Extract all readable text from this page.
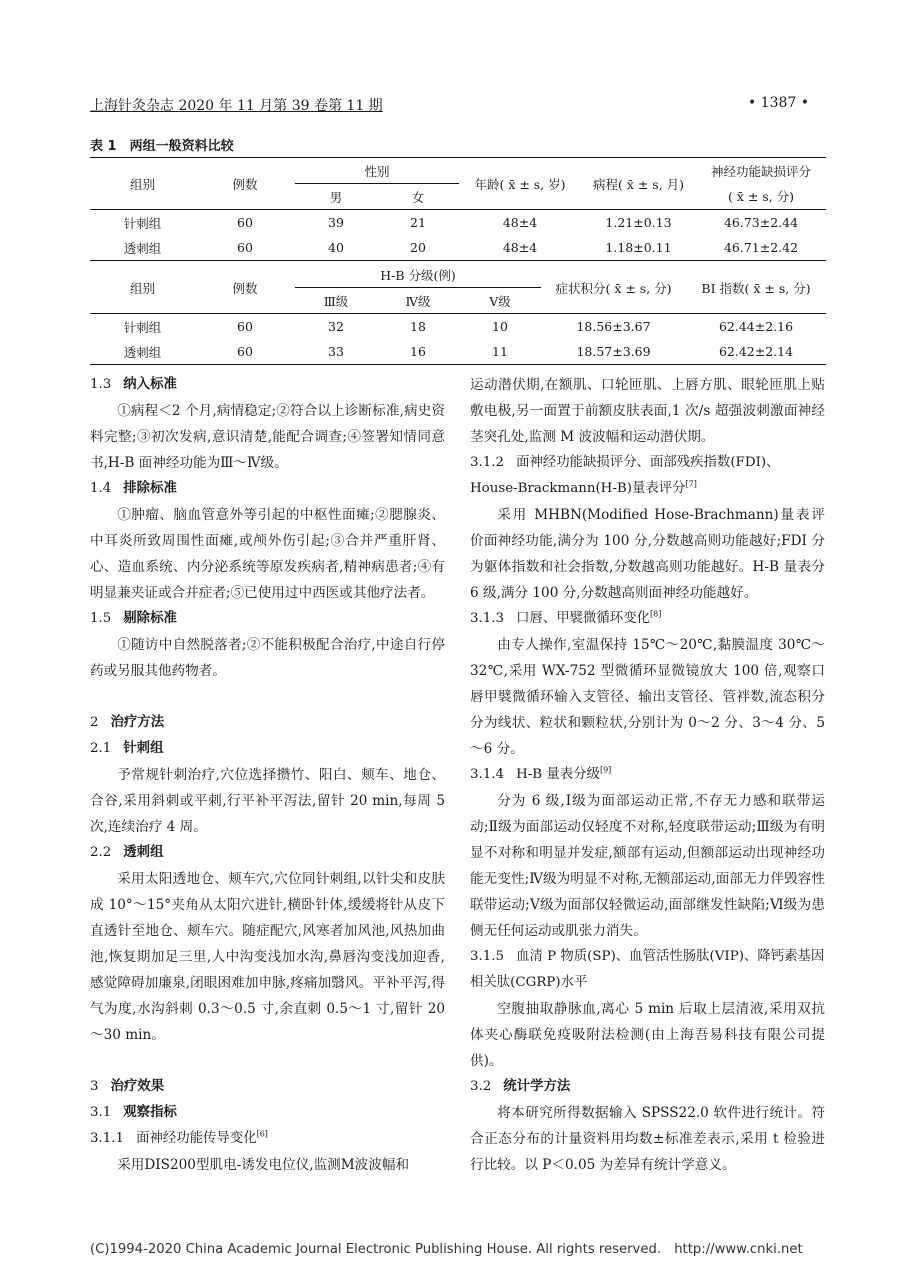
上海针灸杂志 2020 年 11 月第 39 卷第 11 期	• 1387 •
表 1　两组一般资料比较
组别	例数	性别		年龄( x̄ ± s, 岁)	病程( x̄ ± s, 月)	神经功能缺损评分
		男	女			( x̄ ± s, 分)
针刺组	60	39	21	48±4	1.21±0.13	46.73±2.44
透刺组	60	40	20	48±4	1.18±0.11	46.71±2.42
组别	例数	H-B 分级(例)			症状积分( x̄ ± s, 分)	BI 指数( x̄ ± s, 分)
		Ⅲ级	Ⅳ级	Ⅴ级		
针刺组	60	32	18	10	18.56±3.67	62.44±2.16
透刺组	60	33	16	11	18.57±3.69	62.42±2.14

1.3 纳入标准

①病程＜2 个月,病情稳定;②符合以上诊断标准,病史资料完整;③初次发病,意识清楚,能配合调查;④签署知情同意书,H-B 面神经功能为Ⅲ～Ⅳ级。

1.4 排除标准

①肿瘤、脑血管意外等引起的中枢性面瘫;②腮腺炎、中耳炎所致周围性面瘫,或颅外伤引起;③合并严重肝肾、心、造血系统、内分泌系统等原发疾病者,精神病患者;④有明显兼夹证或合并症者;⑤已使用过中西医或其他疗法者。

1.5 剔除标准

①随访中自然脱落者;②不能积极配合治疗,中途自行停药或另服其他药物者。

2 治疗方法

2.1 针刺组

予常规针刺治疗,穴位选择攒竹、阳白、颊车、地仓、合谷,采用斜刺或平刺,行平补平泻法,留针 20 min,每周 5 次,连续治疗 4 周。

2.2 透刺组

采用太阳透地仓、颊车穴,穴位同针刺组,以针尖和皮肤成 10°～15°夹角从太阳穴进针,横卧针体,缓缓将针从皮下直透针至地仓、颊车穴。随症配穴,风寒者加风池,风热加曲池,恢复期加足三里,人中沟变浅加水沟,鼻唇沟变浅加迎香,感觉障碍加廉泉,闭眼困难加申脉,疼痛加翳风。平补平泻,得气为度,水沟斜刺 0.3～0.5 寸,余直刺 0.5～1 寸,留针 20～30 min。

3 治疗效果

3.1 观察指标

3.1.1 面神经功能传导变化[6]

采用DIS200型肌电-诱发电位仪,监测M波波幅和

运动潜伏期,在额肌、口轮匝肌、上唇方肌、眼轮匝肌上贴敷电极,另一面置于前额皮肤表面,1 次/s 超强波刺激面神经茎突孔处,监测 M 波波幅和运动潜伏期。

3.1.2 面神经功能缺损评分、面部残疾指数(FDI)、House-Brackmann(H-B)量表评分[7]

采用 MHBN(Modified Hose-Brachmann)量表评价面神经功能,满分为 100 分,分数越高则功能越好;FDI 分为躯体指数和社会指数,分数越高则功能越好。H-B 量表分 6 级,满分 100 分,分数越高则面神经功能越好。

3.1.3 口唇、甲襞微循环变化[8]

由专人操作,室温保持 15℃～20℃,黏膜温度 30℃～32℃,采用 WX-752 型微循环显微镜放大 100 倍,观察口唇甲襞微循环输入支管径、输出支管径、管袢数,流态积分分为线状、粒状和颗粒状,分别计为 0～2 分、3～4 分、5～6 分。

3.1.4 H-B 量表分级[9]

分为 6 级,Ⅰ级为面部运动正常,不存无力感和联带运动;Ⅱ级为面部运动仅轻度不对称,轻度联带运动;Ⅲ级为有明显不对称和明显并发症,额部有运动,但额部运动出现神经功能无变性;Ⅳ级为明显不对称,无额部运动,面部无力伴毁容性联带运动;Ⅴ级为面部仅轻微运动,面部继发性缺陷;Ⅵ级为患侧无任何运动或肌张力消失。

3.1.5 血清 P 物质(SP)、血管活性肠肽(VIP)、降钙素基因相关肽(CGRP)水平

空腹抽取静脉血,离心 5 min 后取上层清液,采用双抗体夹心酶联免疫吸附法检测(由上海吾易科技有限公司提供)。

3.2 统计学方法

将本研究所得数据输入 SPSS22.0 软件进行统计。符合正态分布的计量资料用均数±标准差表示,采用 t 检验进行比较。以 P＜0.05 为差异有统计学意义。

(C)1994-2020 China Academic Journal Electronic Publishing House. All rights reserved.　http://www.cnki.net
